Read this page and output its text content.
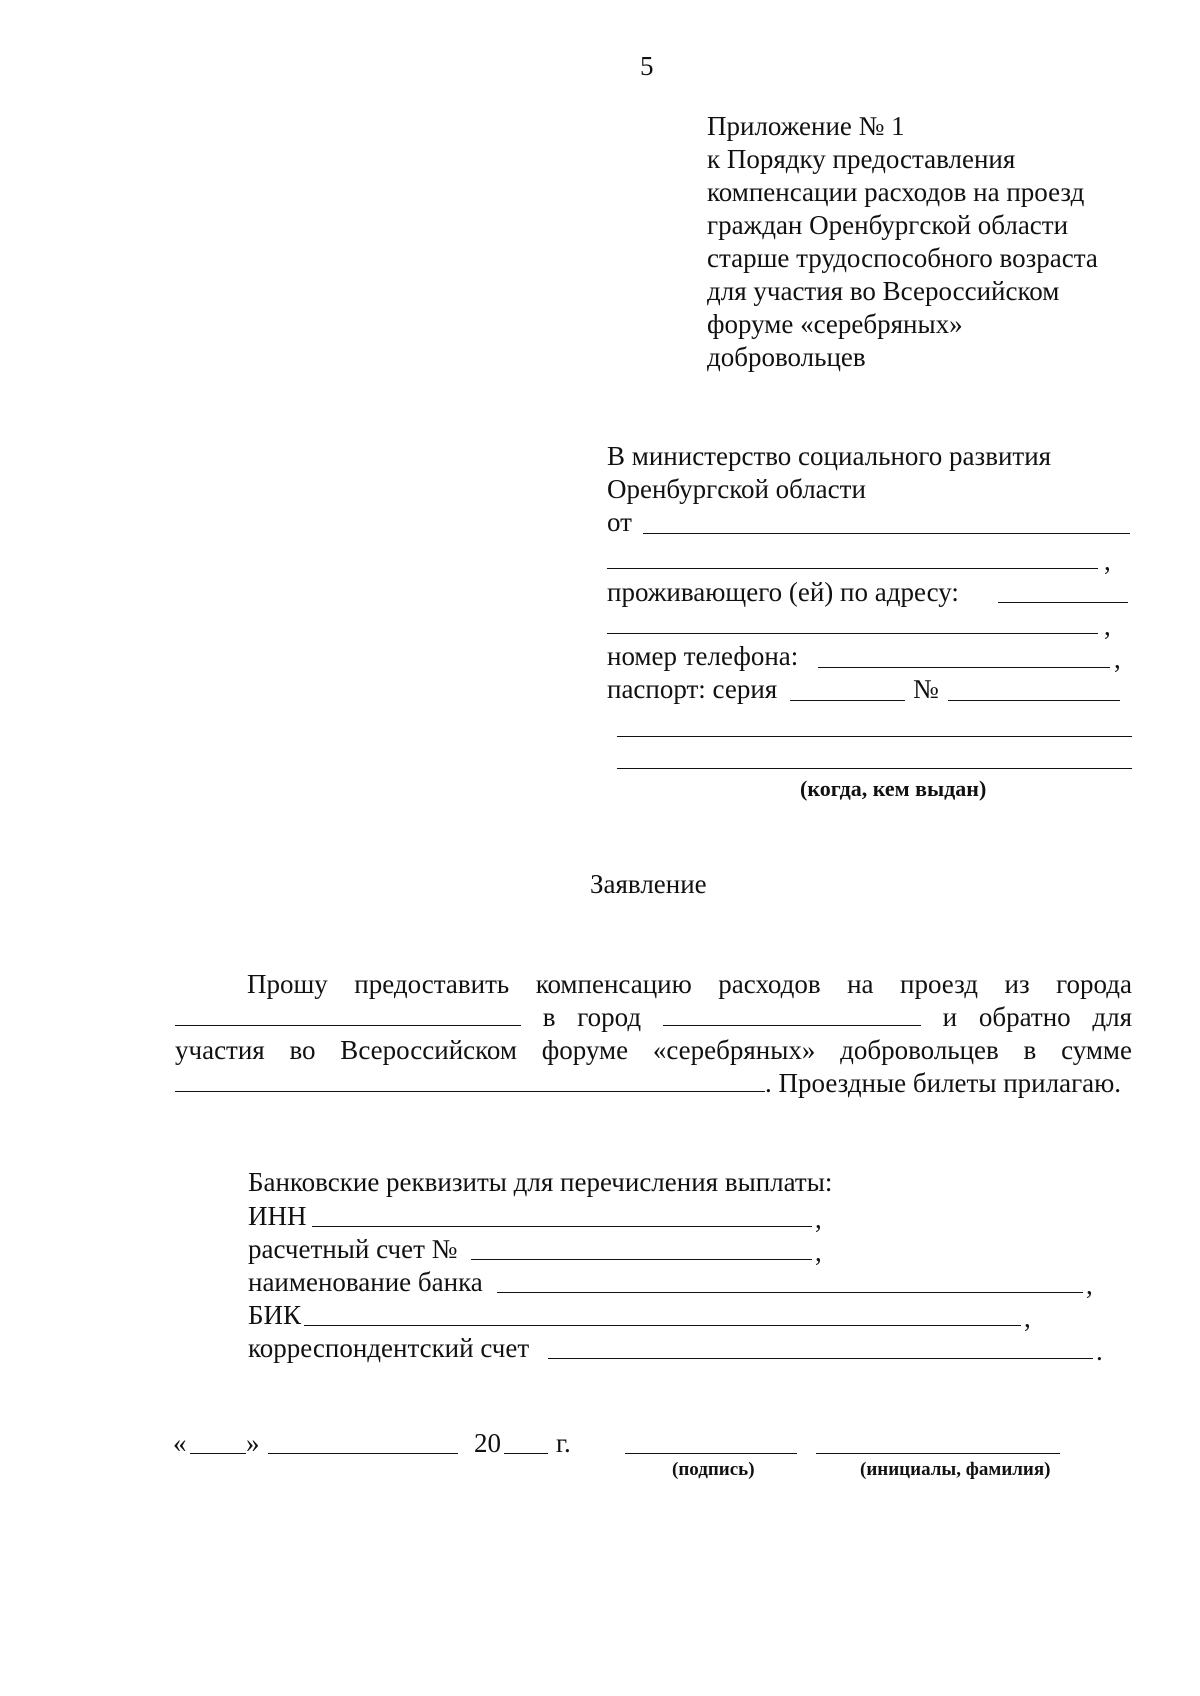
5
Приложение № 1
к Порядку предоставления
компенсации расходов на проезд
граждан Оренбургской области
старше трудоспособного возраста
для участия во Всероссийском
форуме «серебряных»
добровольцев
В министерство социального развития
Оренбургской области
от
,
проживающего (ей) по адресу:
,
номер телефона:	,
паспорт: серия	№
(когда, кем выдан)
Заявление
Прошу предоставить компенсацию расходов на проезд из города  в город	и обратно для участия во Всероссийском форуме «серебряных» добровольцев в сумме. Проездные билеты прилагаю.
Банковские реквизиты для перечисления выплаты:
ИНН	,
расчетный счет №	,
наименование банка	,
БИК	,
корреспондентский счет	.
« »	20 г.
(подпись)	(инициалы, фамилия)
